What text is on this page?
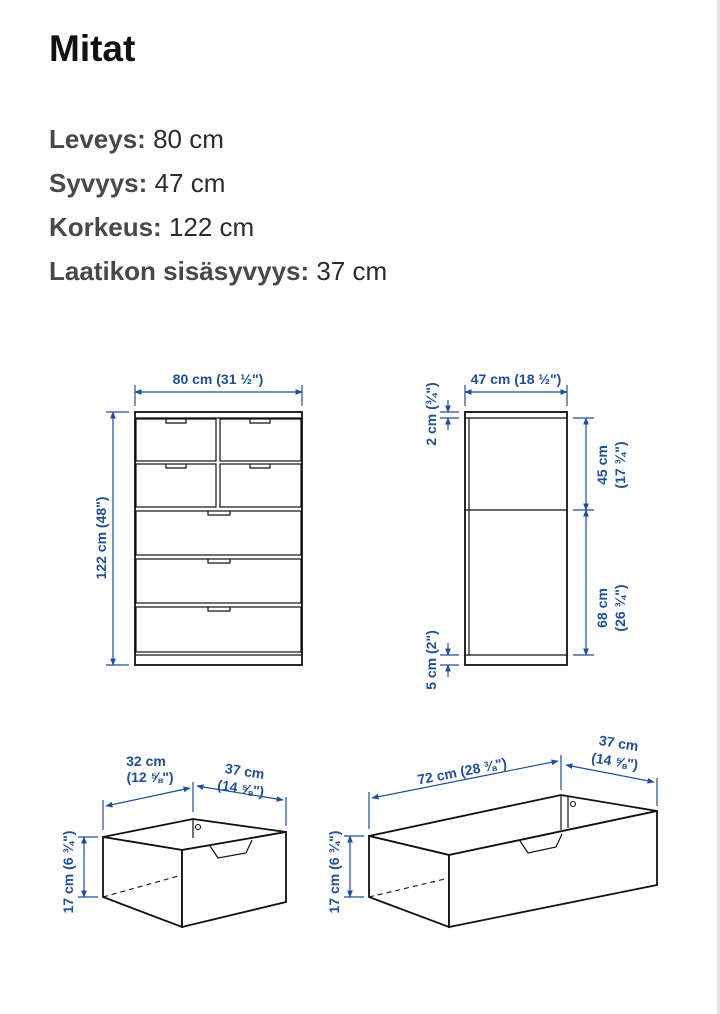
Mitat
Leveys: 80 cm
Syvyys: 47 cm
Korkeus: 122 cm
Laatikon sisäsyvyys: 37 cm
80 cm (31 ½")
122 cm (48")
47 cm (18 ½")
2 cm (¾")
5 cm (2")
45 cm (17 ¾")
68 cm (26 ¾")
32 cm
(12 ⅝")	37 cm
(14 ⅝")
17 cm (6 ¾")
72 cm (28 ⅜")
37 cm
(14 ⅝")
17 cm (6 ¾")
